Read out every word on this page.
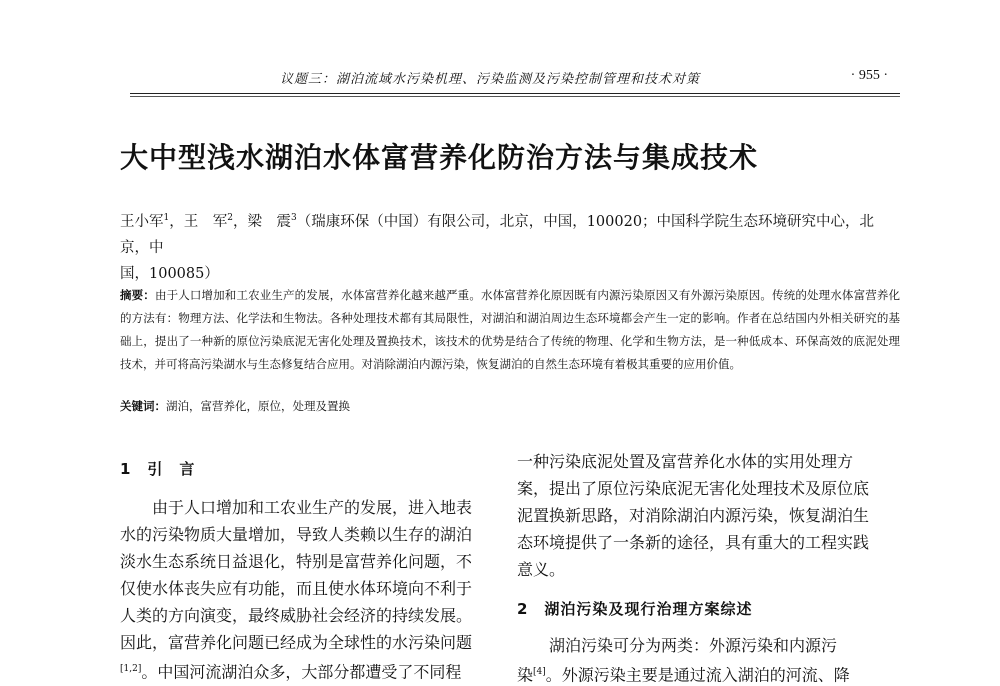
议题三：湖泊流域水污染机理、污染监测及污染控制管理和技术对策	· 955 ·
大中型浅水湖泊水体富营养化防治方法与集成技术
王小军$^1$，王　军$^2$，梁　震$^3$（瑞康环保（中国）有限公司，北京，中国，100020；中国科学院生态环境研究中心，北京，中
国，100085）
摘要：由于人口增加和工农业生产的发展，水体富营养化越来越严重。水体富营养化原因既有内源污染原因又有外源污染原因。传统的处理水体富营养化的方法有：物理方法、化学法和生物法。各种处理技术都有其局限性，对湖泊和湖泊周边生态环境都会产生一定的影响。作者在总结国内外相关研究的基础上，提出了一种新的原位污染底泥无害化处理及置换技术，该技术的优势是结合了传统的物理、化学和生物方法，是一种低成本、环保高效的底泥处理技术，并可将高污染湖水与生态修复结合应用。对消除湖泊内源污染，恢复湖泊的自然生态环境有着极其重要的应用价值。
关键词：湖泊，富营养化，原位，处理及置换
1　引　言
　　由于人口增加和工农业生产的发展，进入地表
水的污染物质大量增加，导致人类赖以生存的湖泊
淡水生态系统日益退化，特别是富营养化问题，不
仅使水体丧失应有功能，而且使水体环境向不利于
人类的方向演变，最终威胁社会经济的持续发展。
因此，富营养化问题已经成为全球性的水污染问题
[1,2]。中国河流湖泊众多，大部分都遭受了不同程
一种污染底泥处置及富营养化水体的实用处理方
案，提出了原位污染底泥无害化处理技术及原位底
泥置换新思路，对消除湖泊内源污染，恢复湖泊生
态环境提供了一条新的途径，具有重大的工程实践
意义。
2　湖泊污染及现行治理方案综述
　　湖泊污染可分为两类：外源污染和内源污
染[4]。外源污染主要是通过流入湖泊的河流、降
